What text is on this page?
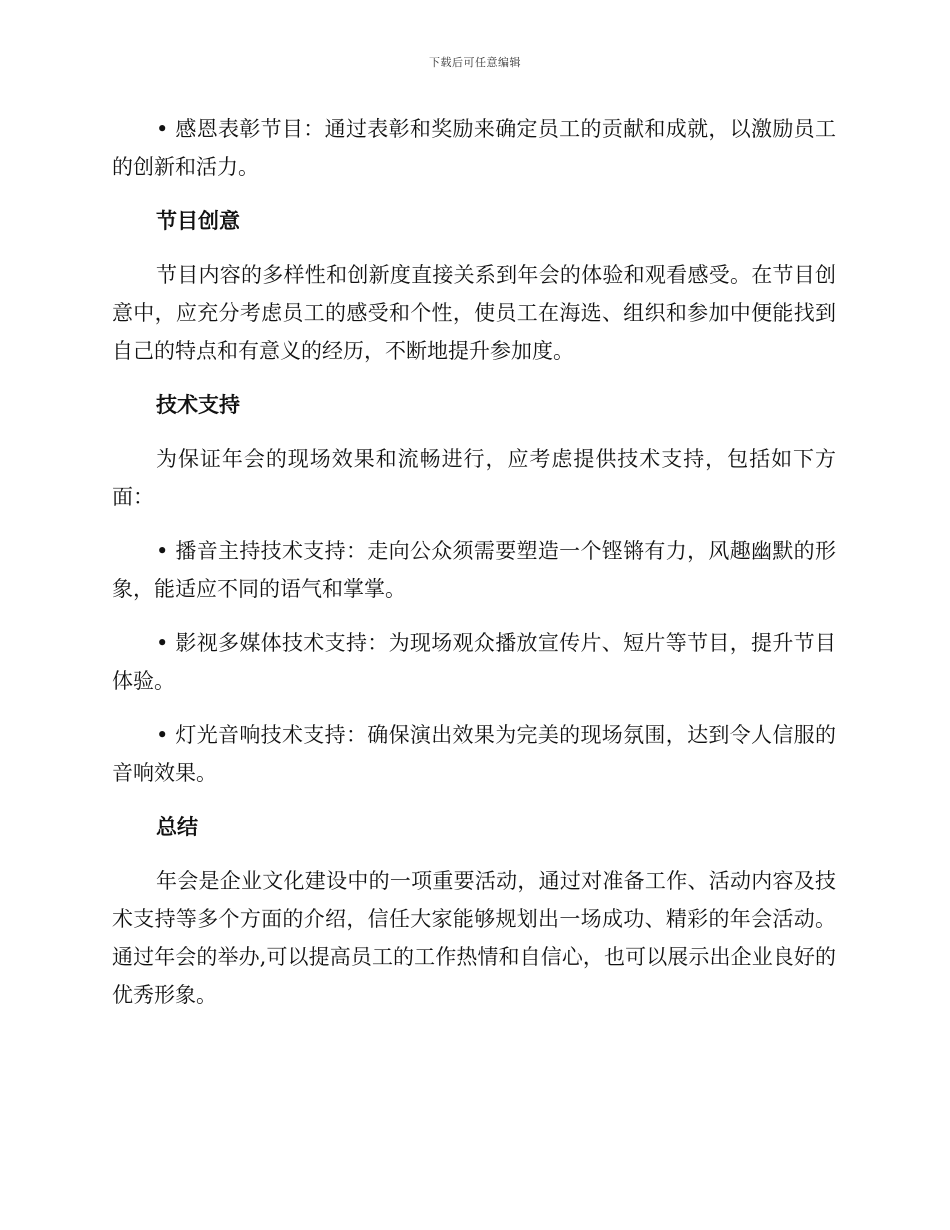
下载后可任意编辑

• 感恩表彰节目：通过表彰和奖励来确定员工的贡献和成就，以激励员工的创新和活力。

节目创意

节目内容的多样性和创新度直接关系到年会的体验和观看感受。在节目创意中，应充分考虑员工的感受和个性，使员工在海选、组织和参加中便能找到自己的特点和有意义的经历，不断地提升参加度。

技术支持

为保证年会的现场效果和流畅进行，应考虑提供技术支持，包括如下方面：

• 播音主持技术支持：走向公众须需要塑造一个铿锵有力，风趣幽默的形象，能适应不同的语气和掌掌。

• 影视多媒体技术支持：为现场观众播放宣传片、短片等节目，提升节目体验。

• 灯光音响技术支持：确保演出效果为完美的现场氛围，达到令人信服的音响效果。

总结

年会是企业文化建设中的一项重要活动，通过对准备工作、活动内容及技术支持等多个方面的介绍，信任大家能够规划出一场成功、精彩的年会活动。通过年会的举办,可以提高员工的工作热情和自信心，也可以展示出企业良好的优秀形象。
